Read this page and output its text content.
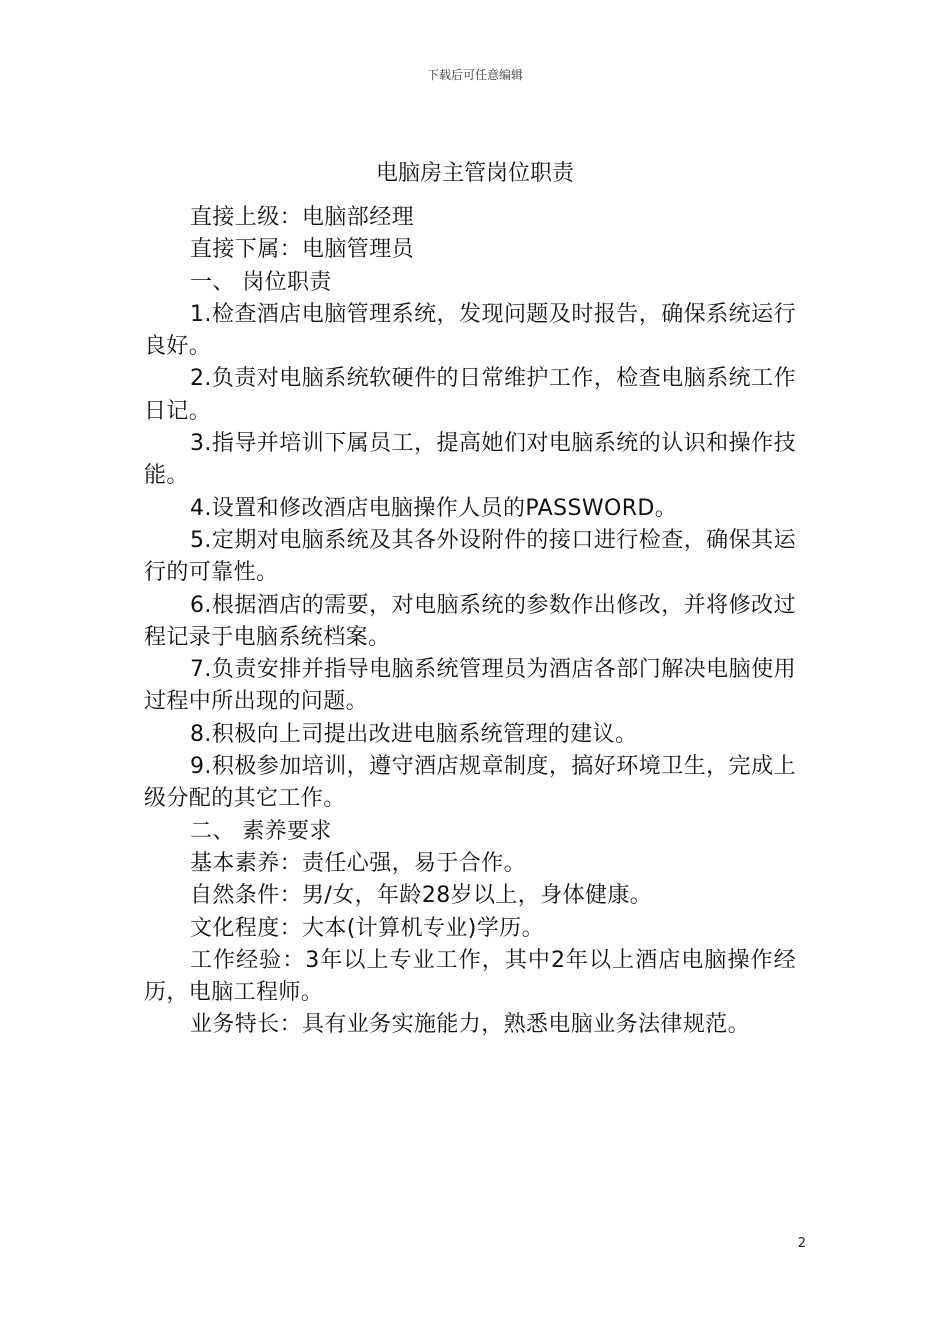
下载后可任意编辑
电脑房主管岗位职责

直接上级：电脑部经理

直接下属：电脑管理员

一、 岗位职责

1.检查酒店电脑管理系统，发现问题及时报告，确保系统运行良好。

2.负责对电脑系统软硬件的日常维护工作，检查电脑系统工作日记。

3.指导并培训下属员工，提高她们对电脑系统的认识和操作技能。

4.设置和修改酒店电脑操作人员的PASSWORD。

5.定期对电脑系统及其各外设附件的接口进行检查，确保其运行的可靠性。

6.根据酒店的需要，对电脑系统的参数作出修改，并将修改过程记录于电脑系统档案。

7.负责安排并指导电脑系统管理员为酒店各部门解决电脑使用过程中所出现的问题。

8.积极向上司提出改进电脑系统管理的建议。

9.积极参加培训，遵守酒店规章制度，搞好环境卫生，完成上级分配的其它工作。

二、 素养要求

基本素养：责任心强，易于合作。

自然条件：男/女，年龄28岁以上，身体健康。

文化程度：大本(计算机专业)学历。

工作经验：3年以上专业工作，其中2年以上酒店电脑操作经历，电脑工程师。

业务特长：具有业务实施能力，熟悉电脑业务法律规范。

2
